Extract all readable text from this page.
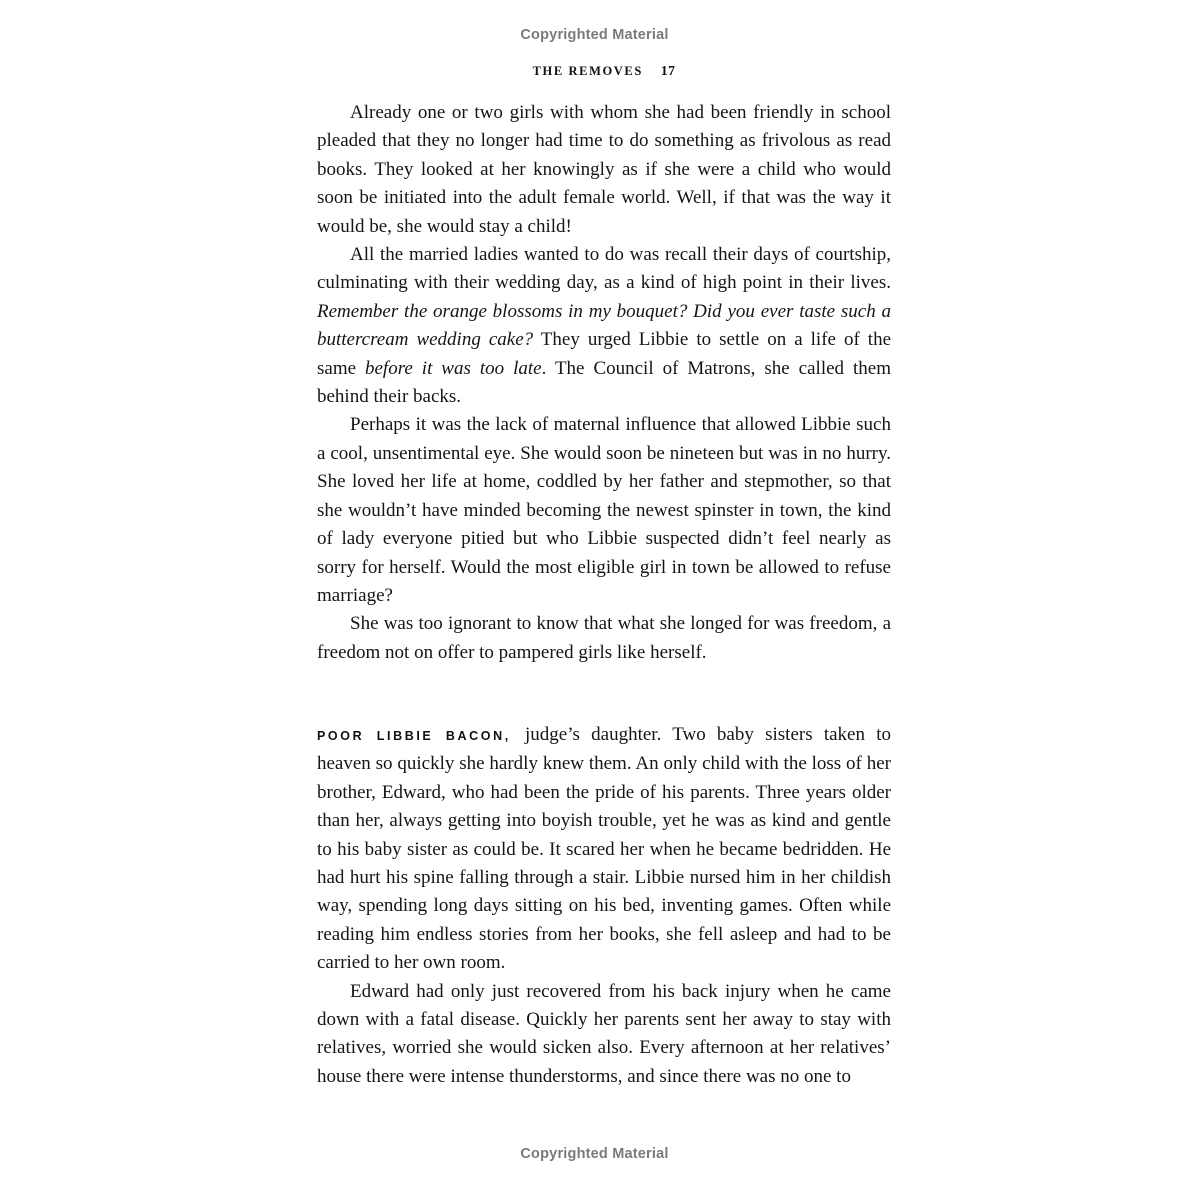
Copyrighted Material
THE REMOVES 17

Already one or two girls with whom she had been friendly in school pleaded that they no longer had time to do something as frivolous as read books. They looked at her knowingly as if she were a child who would soon be initiated into the adult female world. Well, if that was the way it would be, she would stay a child!

All the married ladies wanted to do was recall their days of courtship, culminating with their wedding day, as a kind of high point in their lives. Remember the orange blossoms in my bouquet? Did you ever taste such a buttercream wedding cake? They urged Libbie to settle on a life of the same before it was too late. The Council of Matrons, she called them behind their backs.

Perhaps it was the lack of maternal influence that allowed Libbie such a cool, unsentimental eye. She would soon be nineteen but was in no hurry. She loved her life at home, coddled by her father and stepmother, so that she wouldn’t have minded becoming the newest spinster in town, the kind of lady everyone pitied but who Libbie suspected didn’t feel nearly as sorry for herself. Would the most eligible girl in town be allowed to refuse marriage?

She was too ignorant to know that what she longed for was freedom, a freedom not on offer to pampered girls like herself.

POOR LIBBIE BACON, judge’s daughter. Two baby sisters taken to heaven so quickly she hardly knew them. An only child with the loss of her brother, Edward, who had been the pride of his parents. Three years older than her, always getting into boyish trouble, yet he was as kind and gentle to his baby sister as could be. It scared her when he became bedridden. He had hurt his spine falling through a stair. Libbie nursed him in her childish way, spending long days sitting on his bed, inventing games. Often while reading him endless stories from her books, she fell asleep and had to be carried to her own room.

Edward had only just recovered from his back injury when he came down with a fatal disease. Quickly her parents sent her away to stay with relatives, worried she would sicken also. Every afternoon at her relatives’ house there were intense thunderstorms, and since there was no one to

Copyrighted Material
